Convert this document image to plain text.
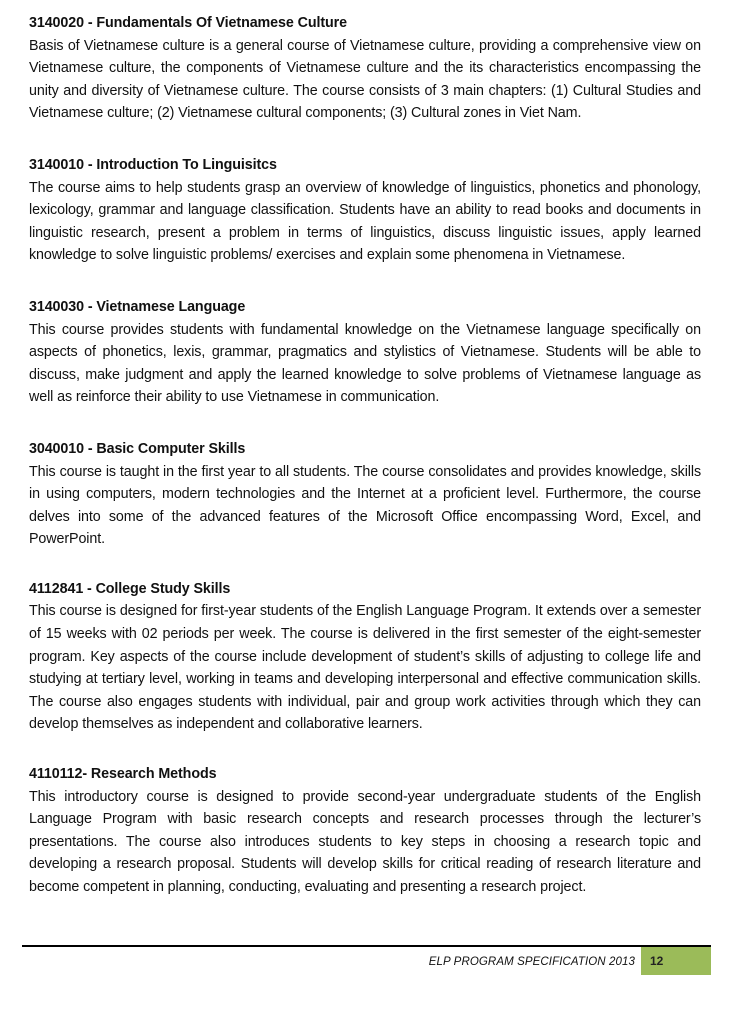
3140020 - Fundamentals Of Vietnamese Culture

Basis of Vietnamese culture is a general course of Vietnamese culture, providing a comprehensive view on Vietnamese culture, the components of Vietnamese culture and the its characteristics encompassing the unity and diversity of Vietnamese culture. The course consists of 3 main chapters: (1) Cultural Studies and Vietnamese culture; (2) Vietnamese cultural components; (3) Cultural zones in Viet Nam.

3140010 - Introduction To Linguisitcs

The course aims to help students grasp an overview of knowledge of linguistics, phonetics and phonology, lexicology, grammar and language classification. Students have an ability to read books and documents in linguistic research, present a problem in terms of linguistics, discuss linguistic issues, apply learned knowledge to solve linguistic problems/ exercises and explain some phenomena in Vietnamese.

3140030 - Vietnamese Language

This course provides students with fundamental knowledge on the Vietnamese language specifically on aspects of phonetics, lexis, grammar, pragmatics and stylistics of Vietnamese. Students will be able to discuss, make judgment and apply the learned knowledge to solve problems of Vietnamese language as well as reinforce their ability to use Vietnamese in communication.

3040010 - Basic Computer Skills

This course is taught in the first year to all students. The course consolidates and provides knowledge, skills in using computers, modern technologies and the Internet at a proficient level. Furthermore, the course delves into some of the advanced features of the Microsoft Office encompassing Word, Excel, and PowerPoint.

4112841 - College Study Skills

This course is designed for first-year students of the English Language Program. It extends over a semester of 15 weeks with 02 periods per week. The course is delivered in the first semester of the eight-semester program. Key aspects of the course include development of student’s skills of adjusting to college life and studying at tertiary level, working in teams and developing interpersonal and effective communication skills. The course also engages students with individual, pair and group work activities through which they can develop themselves as independent and collaborative learners.

4110112- Research Methods

This introductory course is designed to provide second-year undergraduate students of the English Language Program with basic research concepts and research processes through the lecturer’s presentations. The course also introduces students to key steps in choosing a research topic and developing a research proposal. Students will develop skills for critical reading of research literature and become competent in planning, conducting, evaluating and presenting a research project.

ELP PROGRAM SPECIFICATION 2013 12
